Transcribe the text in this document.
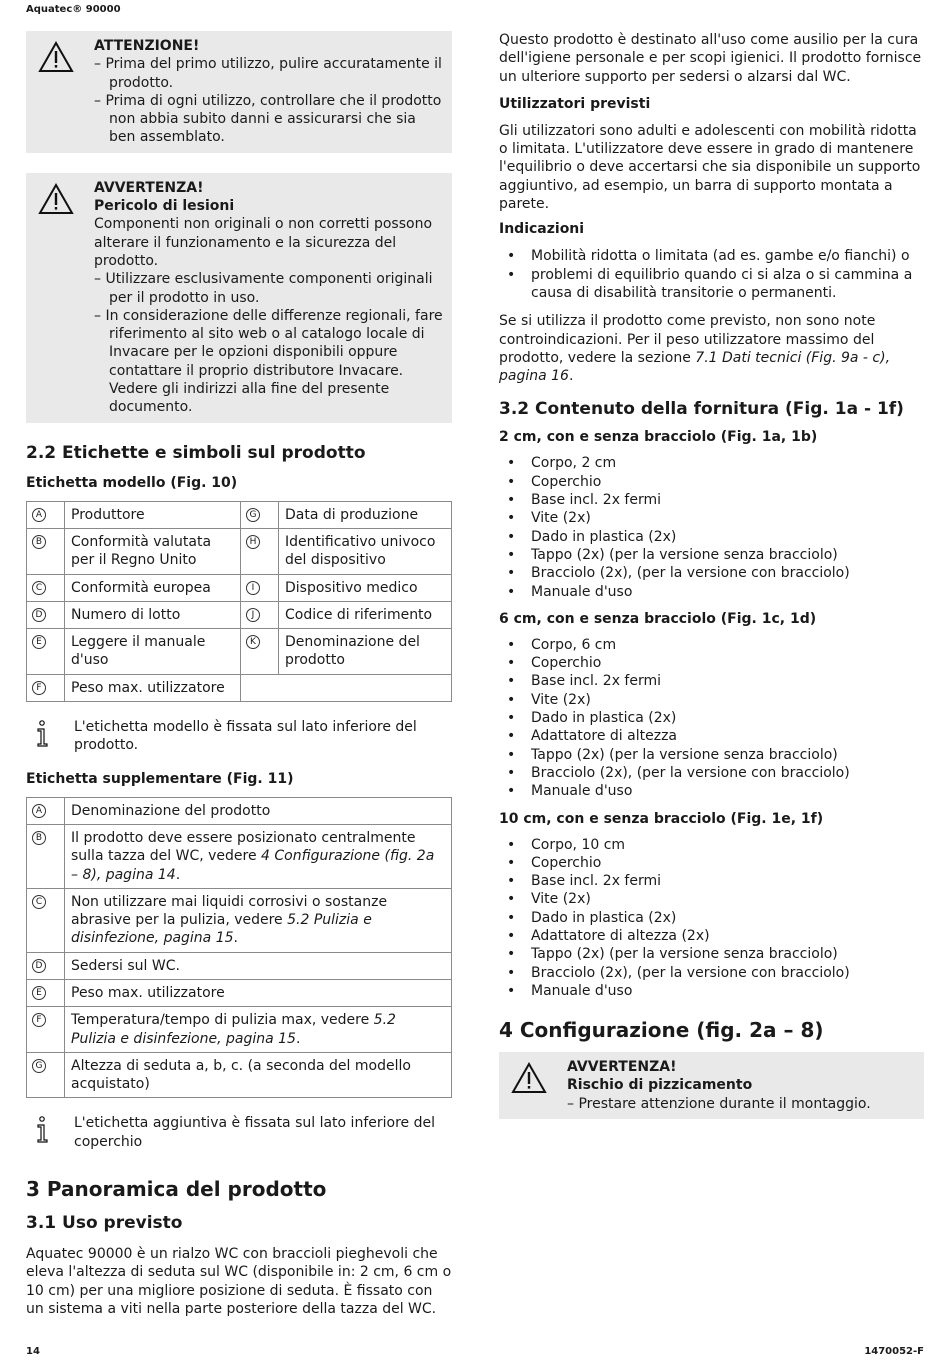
Aquatec® 90000
ATTENZIONE!
– Prima del primo utilizzo, pulire accuratamente il prodotto.
– Prima di ogni utilizzo, controllare che il prodotto non abbia subito danni e assicurarsi che sia ben assemblato.
AVVERTENZA!
Pericolo di lesioni
Componenti non originali o non corretti possono alterare il funzionamento e la sicurezza del prodotto.
– Utilizzare esclusivamente componenti originali per il prodotto in uso.
– In considerazione delle differenze regionali, fare riferimento al sito web o al catalogo locale di Invacare per le opzioni disponibili oppure contattare il proprio distributore Invacare. Vedere gli indirizzi alla fine del presente documento.
2.2 Etichette e simboli sul prodotto
Etichetta modello (Fig. 10)
A	Produttore	G	Data di produzione
B	Conformità valutata per il Regno Unito	H	Identificativo univoco del dispositivo
C	Conformità europea	I	Dispositivo medico
D	Numero di lotto	J	Codice di riferimento
E	Leggere il manuale d'uso	K	Denominazione del prodotto
F	Peso max. utilizzatore		
L'etichetta modello è fissata sul lato inferiore del prodotto.
Etichetta supplementare (Fig. 11)
A	Denominazione del prodotto
B	Il prodotto deve essere posizionato centralmente sulla tazza del WC, vedere 4 Configurazione (fig. 2a – 8), pagina 14.
C	Non utilizzare mai liquidi corrosivi o sostanze abrasive per la pulizia, vedere 5.2 Pulizia e disinfezione, pagina 15.
D	Sedersi sul WC.
E	Peso max. utilizzatore
F	Temperatura/tempo di pulizia max, vedere 5.2 Pulizia e disinfezione, pagina 15.
G	Altezza di seduta a, b, c. (a seconda del modello acquistato)
L'etichetta aggiuntiva è fissata sul lato inferiore del coperchio
3 Panoramica del prodotto
3.1 Uso previsto

Aquatec 90000 è un rialzo WC con braccioli pieghevoli che eleva l'altezza di seduta sul WC (disponibile in: 2 cm, 6 cm o 10 cm) per una migliore posizione di seduta. È fissato con un sistema a viti nella parte posteriore della tazza del WC.

Questo prodotto è destinato all'uso come ausilio per la cura dell'igiene personale e per scopi igienici. Il prodotto fornisce un ulteriore supporto per sedersi o alzarsi dal WC.

Utilizzatori previsti

Gli utilizzatori sono adulti e adolescenti con mobilità ridotta o limitata. L'utilizzatore deve essere in grado di mantenere l'equilibrio o deve accertarsi che sia disponibile un supporto aggiuntivo, ad esempio, un barra di supporto montata a parete.

Indicazioni
• Mobilità ridotta o limitata (ad es. gambe e/o fianchi) o
• problemi di equilibrio quando ci si alza o si cammina a causa di disabilità transitorie o permanenti.

Se si utilizza il prodotto come previsto, non sono note controindicazioni. Per il peso utilizzatore massimo del prodotto, vedere la sezione 7.1 Dati tecnici (Fig. 9a - c), pagina 16.

3.2 Contenuto della fornitura (Fig. 1a - 1f)
2 cm, con e senza bracciolo (Fig. 1a, 1b)
• Corpo, 2 cm
• Coperchio
• Base incl. 2x fermi
• Vite (2x)
• Dado in plastica (2x)
• Tappo (2x) (per la versione senza bracciolo)
• Bracciolo (2x), (per la versione con bracciolo)
• Manuale d'uso
6 cm, con e senza bracciolo (Fig. 1c, 1d)
• Corpo, 6 cm
• Coperchio
• Base incl. 2x fermi
• Vite (2x)
• Dado in plastica (2x)
• Adattatore di altezza
• Tappo (2x) (per la versione senza bracciolo)
• Bracciolo (2x), (per la versione con bracciolo)
• Manuale d'uso
10 cm, con e senza bracciolo (Fig. 1e, 1f)
• Corpo, 10 cm
• Coperchio
• Base incl. 2x fermi
• Vite (2x)
• Dado in plastica (2x)
• Adattatore di altezza (2x)
• Tappo (2x) (per la versione senza bracciolo)
• Bracciolo (2x), (per la versione con bracciolo)
• Manuale d'uso
4 Configurazione (fig. 2a – 8)
AVVERTENZA!
Rischio di pizzicamento
– Prestare attenzione durante il montaggio.
14	1470052-F
